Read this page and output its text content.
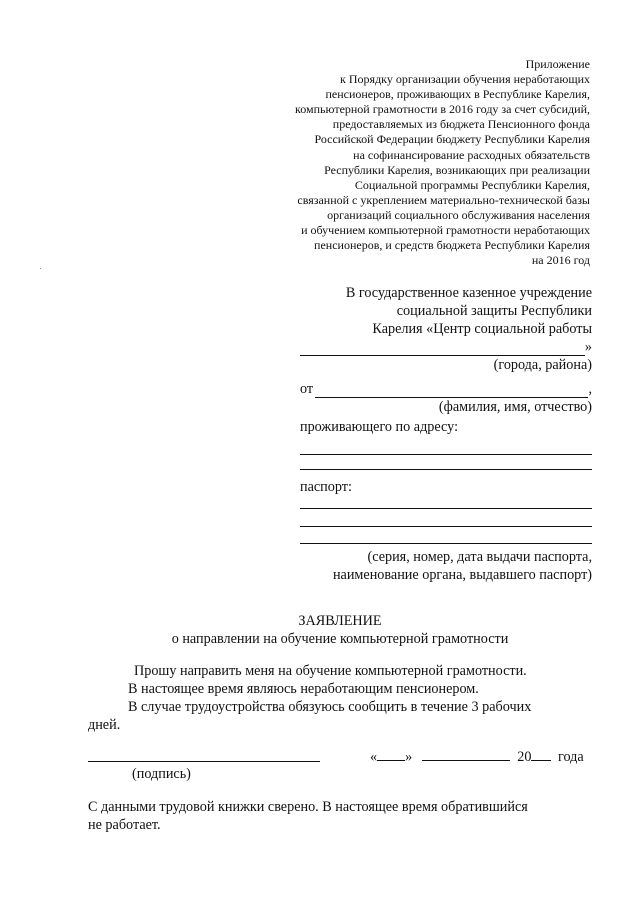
Приложение
к Порядку организации обучения неработающих
пенсионеров, проживающих в Республике Карелия,
компьютерной грамотности в 2016 году за счет субсидий,
предоставляемых из бюджета Пенсионного фонда
Российской Федерации бюджету Республики Карелия
на софинансирование расходных обязательств
Республики Карелия, возникающих при реализации
Социальной программы Республики Карелия,
связанной с укреплением материально-технической базы
организаций социального обслуживания населения
и обучением компьютерной грамотности неработающих
пенсионеров, и средств бюджета Республики Карелия
на 2016 год
В государственное казенное учреждение
социальной защиты Республики
Карелия «Центр социальной работы
»
(города, района)
от	,
(фамилия, имя, отчество)
проживающего по адресу:
паспорт:
(серия, номер, дата выдачи паспорта,
наименование органа, выдавшего паспорт)
ЗАЯВЛЕНИЕ
о направлении на обучение компьютерной грамотности
Прошу направить меня на обучение компьютерной грамотности.
В настоящее время являюсь неработающим пенсионером.
В случае трудоустройства обязуюсь сообщить в течение 3 рабочих
дней.
(подпись)
« »	20 года
С данными трудовой книжки сверено. В настоящее время обратившийся
не работает.
